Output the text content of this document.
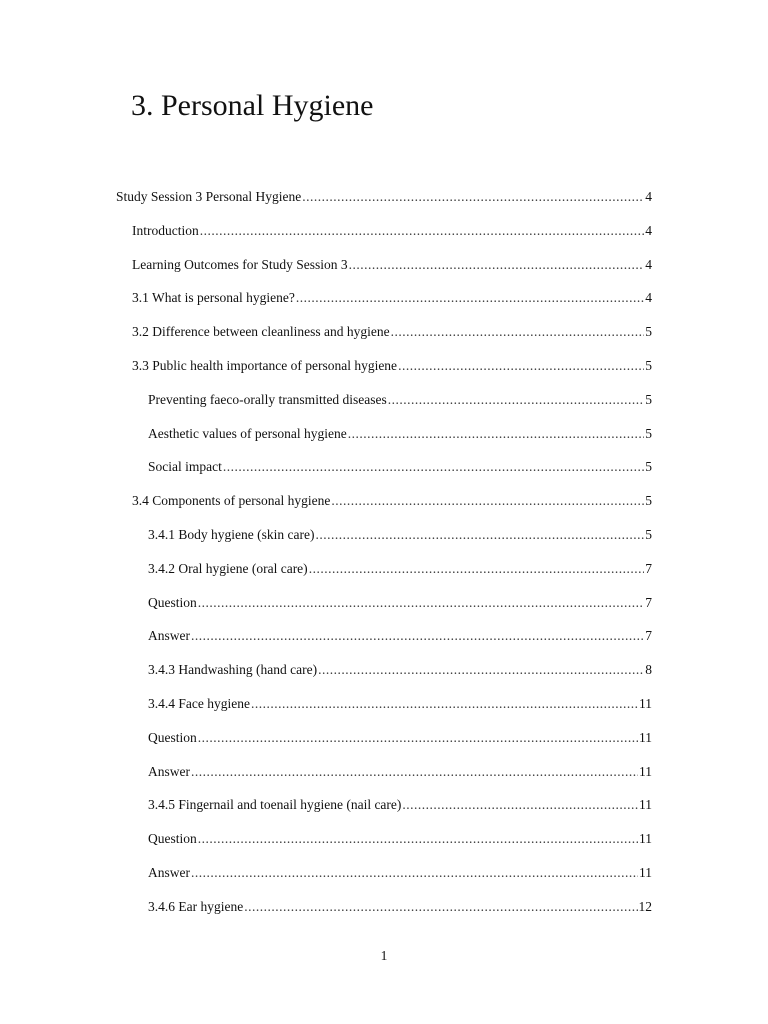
3. Personal Hygiene
Study Session 3 Personal Hygiene .....	4
Introduction .....	4
Learning Outcomes for Study Session 3 .....	4
3.1 What is personal hygiene? .....	4
3.2 Difference between cleanliness and hygiene .....	5
3.3 Public health importance of personal hygiene .....	5
Preventing faeco-orally transmitted diseases .....	5
Aesthetic values of personal hygiene .....	5
Social impact .....	5
3.4 Components of personal hygiene .....	5
3.4.1 Body hygiene (skin care) .....	5
3.4.2 Oral hygiene (oral care) .....	7
Question .....	7
Answer .....	7
3.4.3 Handwashing (hand care) .....	8
3.4.4 Face hygiene .....	11
Question .....	11
Answer .....	11
3.4.5 Fingernail and toenail hygiene (nail care) .....	11
Question .....	11
Answer .....	11
3.4.6 Ear hygiene .....	12
1
